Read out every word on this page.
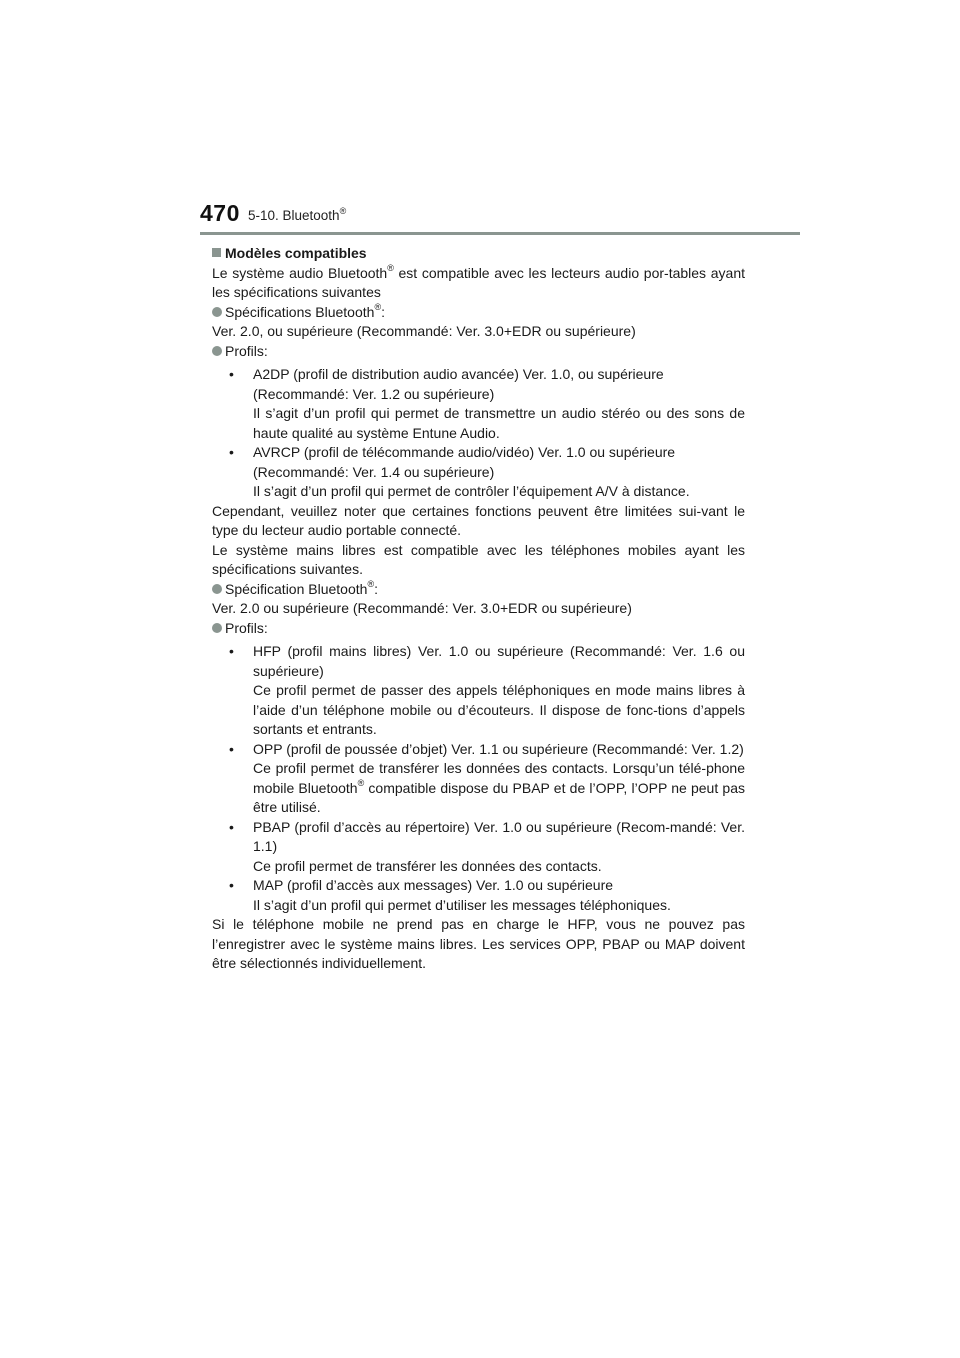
470 5-10. Bluetooth®

Modèles compatibles

Le système audio Bluetooth® est compatible avec les lecteurs audio por-tables ayant les spécifications suivantes

Spécifications Bluetooth®:

Ver. 2.0, ou supérieure (Recommandé: Ver. 3.0+EDR ou supérieure)

Profils:

• A2DP (profil de distribution audio avancée) Ver. 1.0, ou supérieure

(Recommandé: Ver. 1.2 ou supérieure)

Il s’agit d’un profil qui permet de transmettre un audio stéréo ou des sons de haute qualité au système Entune Audio.

• AVRCP (profil de télécommande audio/vidéo) Ver. 1.0 ou supérieure

(Recommandé: Ver. 1.4 ou supérieure)

Il s’agit d’un profil qui permet de contrôler l’équipement A/V à distance.

Cependant, veuillez noter que certaines fonctions peuvent être limitées sui-vant le type du lecteur audio portable connecté.

Le système mains libres est compatible avec les téléphones mobiles ayant les spécifications suivantes.

Spécification Bluetooth®:

Ver. 2.0 ou supérieure (Recommandé: Ver. 3.0+EDR ou supérieure)

Profils:

• HFP (profil mains libres) Ver. 1.0 ou supérieure (Recommandé: Ver. 1.6 ou supérieure)

Ce profil permet de passer des appels téléphoniques en mode mains libres à l’aide d’un téléphone mobile ou d’écouteurs. Il dispose de fonc-tions d’appels sortants et entrants.

• OPP (profil de poussée d’objet) Ver. 1.1 ou supérieure (Recommandé: Ver. 1.2)

Ce profil permet de transférer les données des contacts. Lorsqu’un télé-phone mobile Bluetooth® compatible dispose du PBAP et de l’OPP, l’OPP ne peut pas être utilisé.

• PBAP (profil d’accès au répertoire) Ver. 1.0 ou supérieure (Recom-mandé: Ver. 1.1)

Ce profil permet de transférer les données des contacts.

• MAP (profil d’accès aux messages) Ver. 1.0 ou supérieure

Il s’agit d’un profil qui permet d’utiliser les messages téléphoniques.

Si le téléphone mobile ne prend pas en charge le HFP, vous ne pouvez pas l’enregistrer avec le système mains libres. Les services OPP, PBAP ou MAP doivent être sélectionnés individuellement.
